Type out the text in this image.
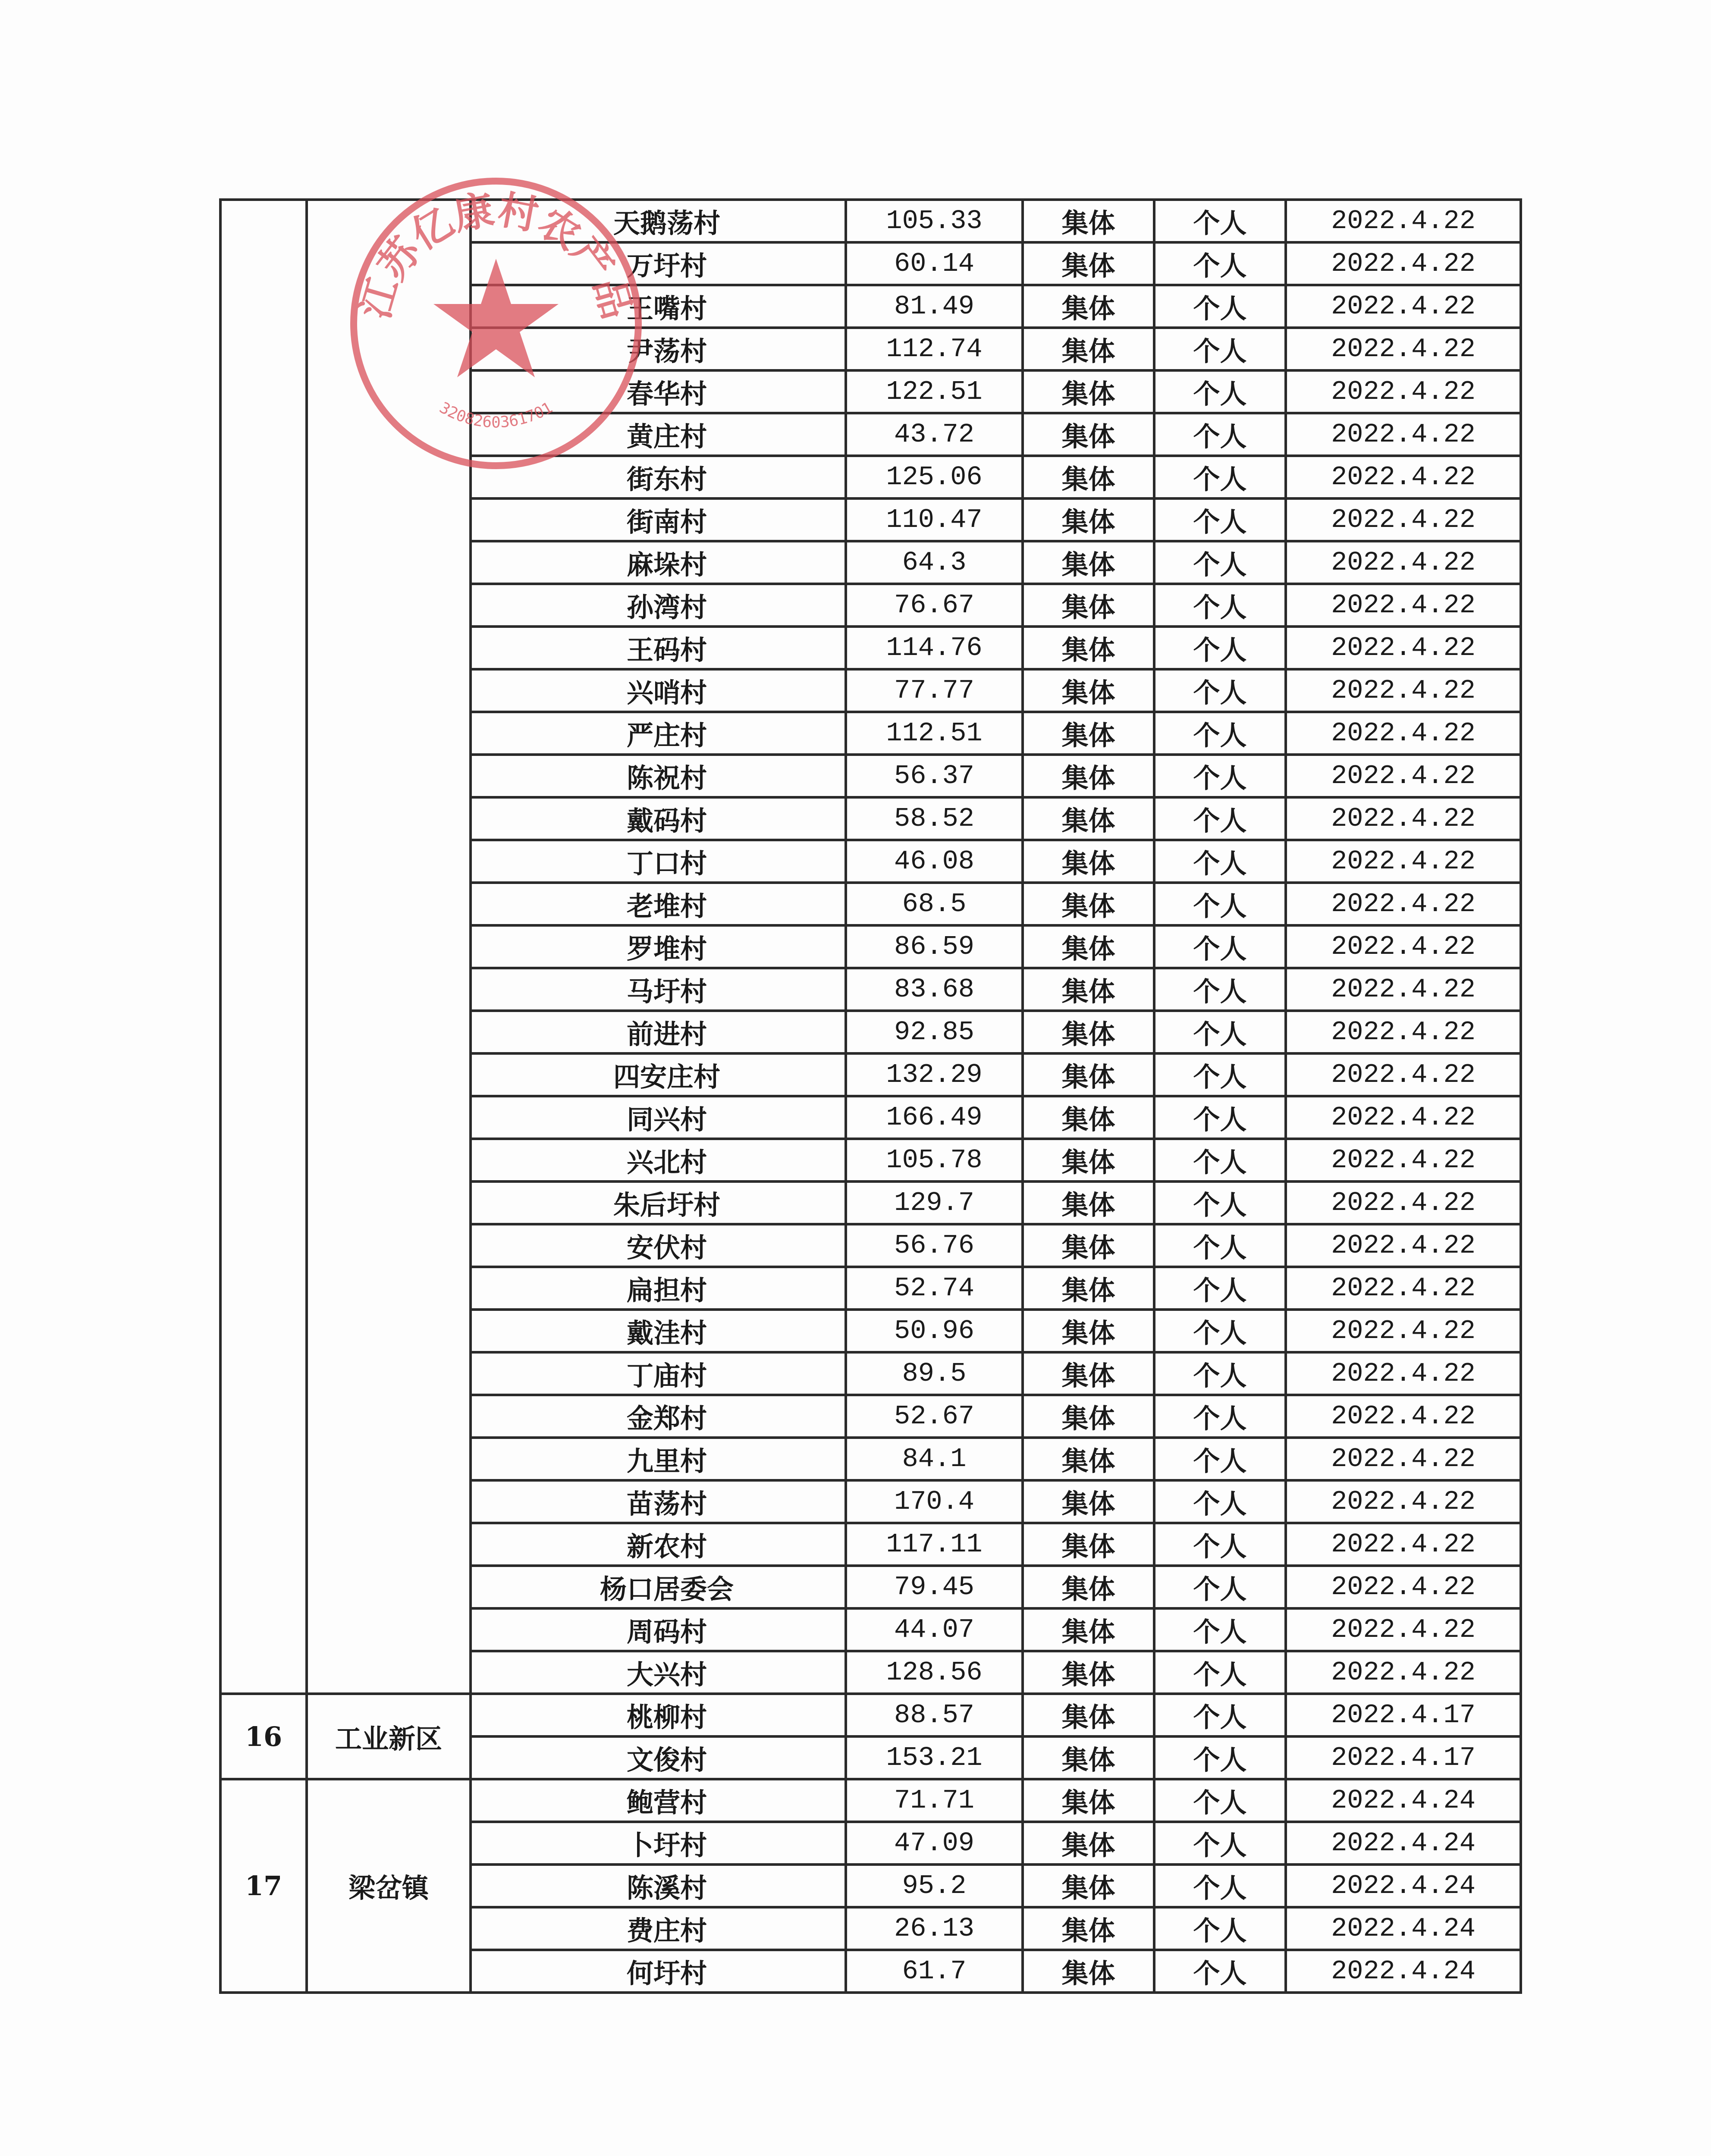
		天鹅荡村	105.33	集体	个人	2022.4.22
		万圩村	60.14	集体	个人	2022.4.22
		王嘴村	81.49	集体	个人	2022.4.22
		尹荡村	112.74	集体	个人	2022.4.22
		春华村	122.51	集体	个人	2022.4.22
		黄庄村	43.72	集体	个人	2022.4.22
		街东村	125.06	集体	个人	2022.4.22
		街南村	110.47	集体	个人	2022.4.22
		麻垛村	64.3	集体	个人	2022.4.22
		孙湾村	76.67	集体	个人	2022.4.22
		王码村	114.76	集体	个人	2022.4.22
		兴哨村	77.77	集体	个人	2022.4.22
		严庄村	112.51	集体	个人	2022.4.22
		陈祝村	56.37	集体	个人	2022.4.22
		戴码村	58.52	集体	个人	2022.4.22
		丁口村	46.08	集体	个人	2022.4.22
		老堆村	68.5	集体	个人	2022.4.22
		罗堆村	86.59	集体	个人	2022.4.22
		马圩村	83.68	集体	个人	2022.4.22
		前进村	92.85	集体	个人	2022.4.22
		四安庄村	132.29	集体	个人	2022.4.22
		同兴村	166.49	集体	个人	2022.4.22
		兴北村	105.78	集体	个人	2022.4.22
		朱后圩村	129.7	集体	个人	2022.4.22
		安伏村	56.76	集体	个人	2022.4.22
		扁担村	52.74	集体	个人	2022.4.22
		戴洼村	50.96	集体	个人	2022.4.22
		丁庙村	89.5	集体	个人	2022.4.22
		金郑村	52.67	集体	个人	2022.4.22
		九里村	84.1	集体	个人	2022.4.22
		苗荡村	170.4	集体	个人	2022.4.22
		新农村	117.11	集体	个人	2022.4.22
		杨口居委会	79.45	集体	个人	2022.4.22
		周码村	44.07	集体	个人	2022.4.22
		大兴村	128.56	集体	个人	2022.4.22
16	工业新区	桃柳村	88.57	集体	个人	2022.4.17
		文俊村	153.21	集体	个人	2022.4.17
17	梁岔镇	鲍营村	71.71	集体	个人	2022.4.24
		卜圩村	47.09	集体	个人	2022.4.24
		陈溪村	95.2	集体	个人	2022.4.24
		费庄村	26.13	集体	个人	2022.4.24
		何圩村	61.7	集体	个人	2022.4.24
江苏亿康村农产品
3208260361701
